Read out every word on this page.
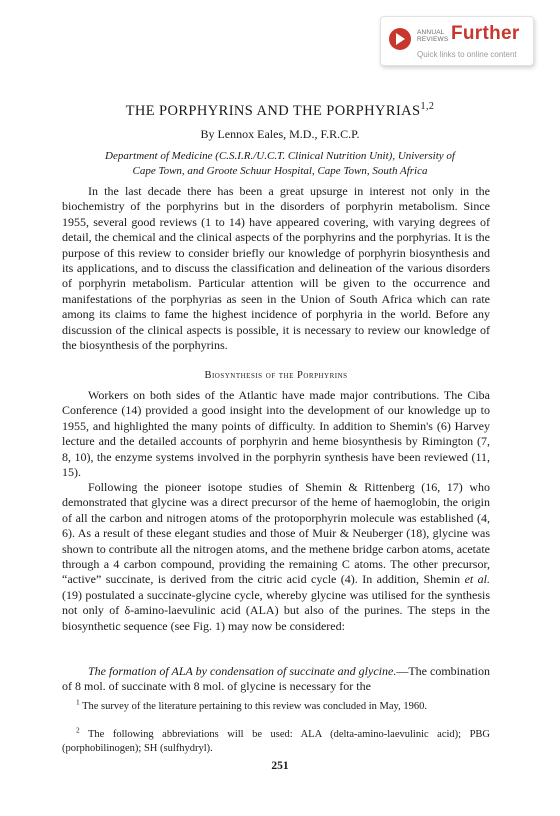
ANNUAL
REVIEWS Further
Quick links to online content
THE PORPHYRINS AND THE PORPHYRIAS$^{1,2}$

By Lennox Eales, M.D., F.R.C.P.

Department of Medicine (C.S.I.R./U.C.T. Clinical Nutrition Unit), University of
Cape Town, and Groote Schuur Hospital, Cape Town, South Africa

In the last decade there has been a great upsurge in interest not only in the biochemistry of the porphyrins but in the disorders of porphyrin metabolism. Since 1955, several good reviews (1 to 14) have appeared covering, with varying degrees of detail, the chemical and the clinical aspects of the porphyrins and the porphyrias. It is the purpose of this review to consider briefly our knowledge of porphyrin biosynthesis and its applications, and to discuss the classification and delineation of the various disorders of porphyrin metabolism. Particular attention will be given to the occurrence and manifestations of the porphyrias as seen in the Union of South Africa which can rate among its claims to fame the highest incidence of porphyria in the world. Before any discussion of the clinical aspects is possible, it is necessary to review our knowledge of the biosynthesis of the porphyrins.

Biosynthesis of the Porphyrins

Workers on both sides of the Atlantic have made major contributions. The Ciba Conference (14) provided a good insight into the development of our knowledge up to 1955, and highlighted the many points of difficulty. In addition to Shemin's (6) Harvey lecture and the detailed accounts of porphyrin and heme biosynthesis by Rimington (7, 8, 10), the enzyme systems involved in the porphyrin synthesis have been reviewed (11, 15).

Following the pioneer isotope studies of Shemin & Rittenberg (16, 17) who demonstrated that glycine was a direct precursor of the heme of haemoglobin, the origin of all the carbon and nitrogen atoms of the protoporphyrin molecule was established (4, 6). As a result of these elegant studies and those of Muir & Neuberger (18), glycine was shown to contribute all the nitrogen atoms, and the methene bridge carbon atoms, acetate through a 4 carbon compound, providing the remaining C atoms. The other precursor, “active” succinate, is derived from the citric acid cycle (4). In addition, Shemin et al. (19) postulated a succinate-glycine cycle, whereby glycine was utilised for the synthesis not only of δ-amino-laevulinic acid (ALA) but also of the purines. The steps in the biosynthetic sequence (see Fig. 1) may now be considered:

The formation of ALA by condensation of succinate and glycine.—The combination of 8 mol. of succinate with 8 mol. of glycine is necessary for the

$^1$ The survey of the literature pertaining to this review was concluded in May, 1960.

$^2$ The following abbreviations will be used: ALA (delta-amino-laevulinic acid); PBG (porphobilinogen); SH (sulfhydryl).

251
